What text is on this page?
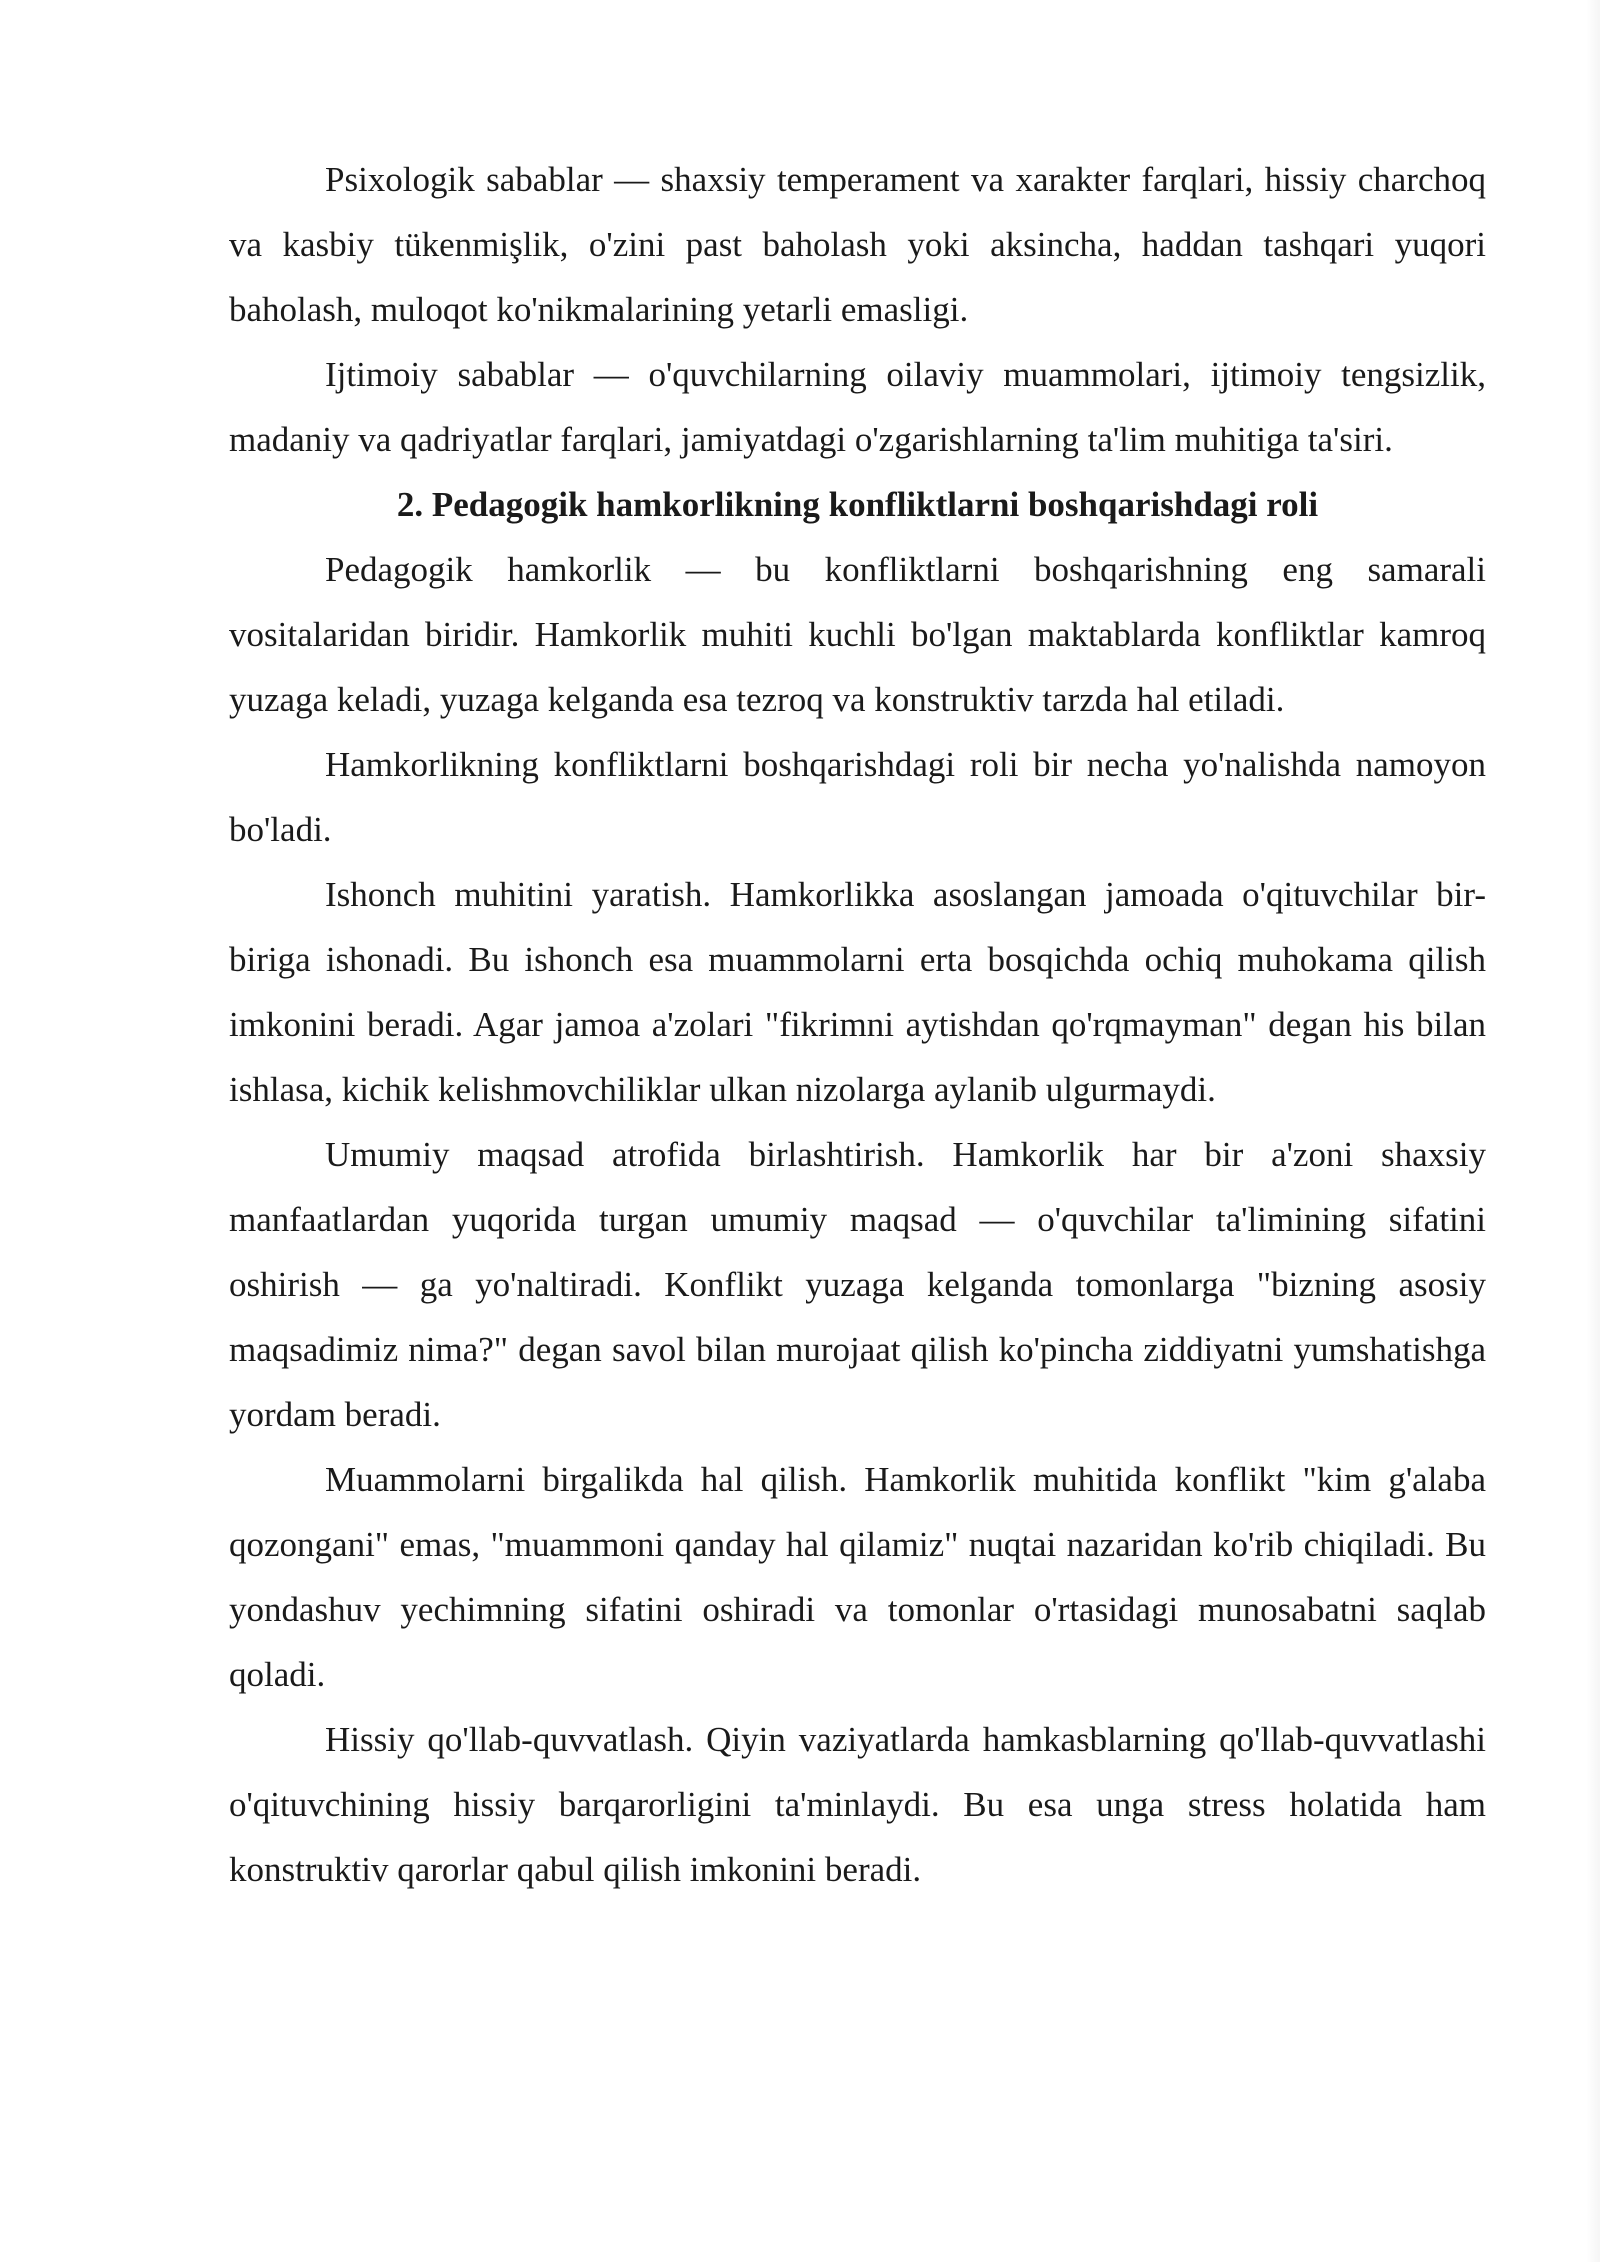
Psixologik sabablar — shaxsiy temperament va xarakter farqlari, hissiy charchoq va kasbiy tükenmişlik, o'zini past baholash yoki aksincha, haddan tashqari yuqori baholash, muloqot ko'nikmalarining yetarli emasligi.

Ijtimoiy sabablar — o'quvchilarning oilaviy muammolari, ijtimoiy tengsizlik, madaniy va qadriyatlar farqlari, jamiyatdagi o'zgarishlarning ta'lim muhitiga ta'siri.

2. Pedagogik hamkorlikning konfliktlarni boshqarishdagi roli

Pedagogik hamkorlik — bu konfliktlarni boshqarishning eng samarali vositalaridan biridir. Hamkorlik muhiti kuchli bo'lgan maktablarda konfliktlar kamroq yuzaga keladi, yuzaga kelganda esa tezroq va konstruktiv tarzda hal etiladi.

Hamkorlikning konfliktlarni boshqarishdagi roli bir necha yo'nalishda namoyon bo'ladi.

Ishonch muhitini yaratish. Hamkorlikka asoslangan jamoada o'qituvchilar bir-biriga ishonadi. Bu ishonch esa muammolarni erta bosqichda ochiq muhokama qilish imkonini beradi. Agar jamoa a'zolari "fikrimni aytishdan qo'rqmayman" degan his bilan ishlasa, kichik kelishmovchiliklar ulkan nizolarga aylanib ulgurmaydi.

Umumiy maqsad atrofida birlashtirish. Hamkorlik har bir a'zoni shaxsiy manfaatlardan yuqorida turgan umumiy maqsad — o'quvchilar ta'limining sifatini oshirish — ga yo'naltiradi. Konflikt yuzaga kelganda tomonlarga "bizning asosiy maqsadimiz nima?" degan savol bilan murojaat qilish ko'pincha ziddiyatni yumshatishga yordam beradi.

Muammolarni birgalikda hal qilish. Hamkorlik muhitida konflikt "kim g'alaba qozongani" emas, "muammoni qanday hal qilamiz" nuqtai nazaridan ko'rib chiqiladi. Bu yondashuv yechimning sifatini oshiradi va tomonlar o'rtasidagi munosabatni saqlab qoladi.

Hissiy qo'llab-quvvatlash. Qiyin vaziyatlarda hamkasblarning qo'llab-quvvatlashi o'qituvchining hissiy barqarorligini ta'minlaydi. Bu esa unga stress holatida ham konstruktiv qarorlar qabul qilish imkonini beradi.
